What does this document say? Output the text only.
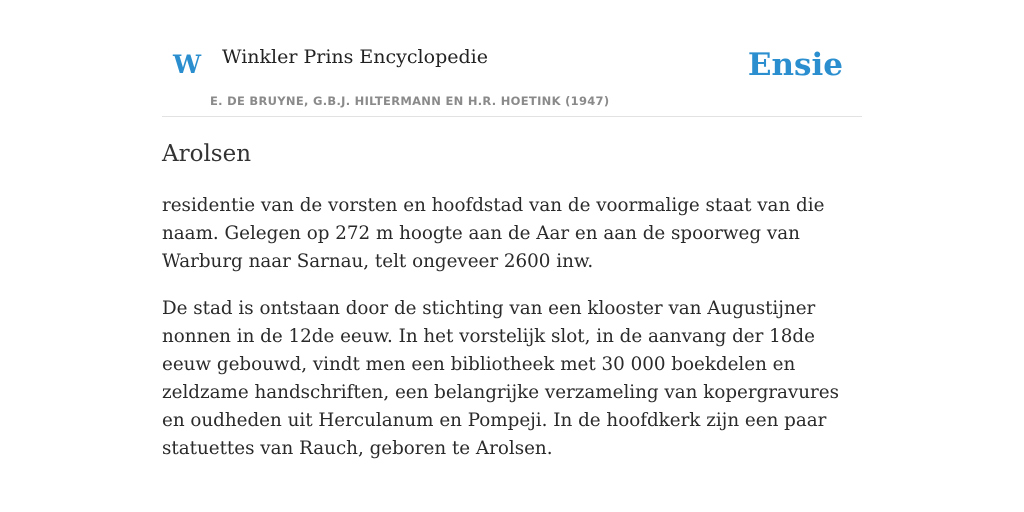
W Winkler Prins Encyclopedie
E. DE BRUYNE, G.B.J. HILTERMANN EN H.R. HOETINK (1947)
Ensie
Arolsen

residentie van de vorsten en hoofdstad van de voormalige staat van die naam. Gelegen op 272 m hoogte aan de Aar en aan de spoorweg van Warburg naar Sarnau, telt ongeveer 2600 inw.

De stad is ontstaan door de stichting van een klooster van Augustijner nonnen in de 12de eeuw. In het vorstelijk slot, in de aanvang der 18de eeuw gebouwd, vindt men een bibliotheek met 30 000 boekdelen en zeldzame handschriften, een belangrijke verzameling van kopergravures en oudheden uit Herculanum en Pompeji. In de hoofdkerk zijn een paar statuettes van Rauch, geboren te Arolsen.
